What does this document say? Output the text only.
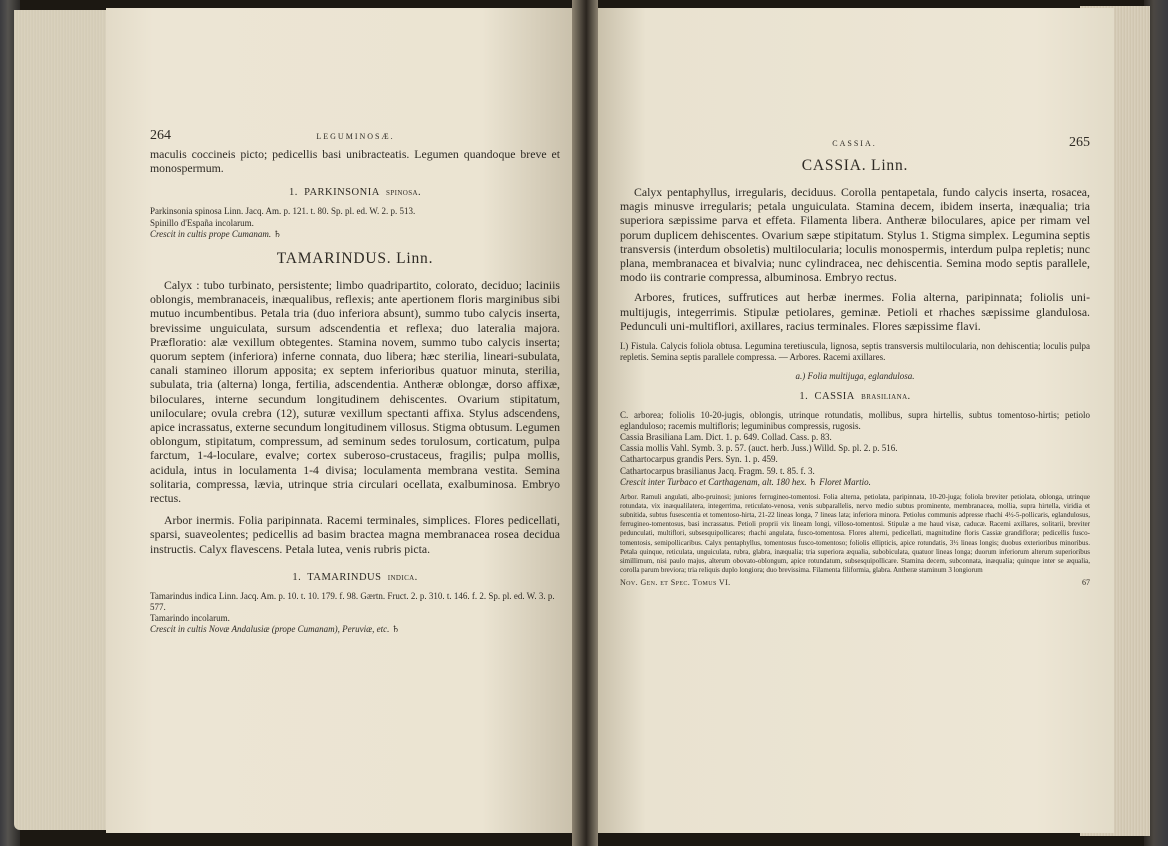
264	LEGUMINOSÆ.

maculis coccineis picto; pedicellis basi unibracteatis. Legumen quandoque breve et monospermum.

1. PARKINSONIA spinosa.

Parkinsonia spinosa Linn. Jacq. Am. p. 121. t. 80. Sp. pl. ed. W. 2. p. 513.

Spinillo d'España incolarum.

Crescit in cultis prope Cumanam. ♄

TAMARINDUS. Linn.

Calyx : tubo turbinato, persistente; limbo quadripartito, colorato, deciduo; laciniis oblongis, membranaceis, inæqualibus, reflexis; ante apertionem floris marginibus sibi mutuo incumbentibus. Petala tria (duo inferiora absunt), summo tubo calycis inserta, brevissime unguiculata, sursum adscendentia et reflexa; duo lateralia majora. Præfloratio: alæ vexillum obtegentes. Stamina novem, summo tubo calycis inserta; quorum septem (inferiora) inferne connata, duo libera; hæc sterilia, lineari-subulata, canali stamineo illorum apposita; ex septem inferioribus quatuor minuta, sterilia, subulata, tria (alterna) longa, fertilia, adscendentia. Antheræ oblongæ, dorso affixæ, biloculares, interne secundum longitudinem dehiscentes. Ovarium stipitatum, uniloculare; ovula crebra (12), suturæ vexillum spectanti affixa. Stylus adscendens, apice incrassatus, externe secundum longitudinem villosus. Stigma obtusum. Legumen oblongum, stipitatum, compressum, ad seminum sedes torulosum, corticatum, pulpa farctum, 1-4-loculare, evalve; cortex suberoso-crustaceus, fragilis; pulpa mollis, acidula, intus in loculamenta 1-4 divisa; loculamenta membrana vestita. Semina solitaria, compressa, lævia, utrinque stria circulari ocellata, exalbuminosa. Embryo rectus.

Arbor inermis. Folia paripinnata. Racemi terminales, simplices. Flores pedicellati, sparsi, suaveolentes; pedicellis ad basim bractea magna membranacea rosea decidua instructis. Calyx flavescens. Petala lutea, venis rubris picta.

1. TAMARINDUS indica.

Tamarindus indica Linn. Jacq. Am. p. 10. t. 10. 179. f. 98. Gærtn. Fruct. 2. p. 310. t. 146. f. 2. Sp. pl. ed. W. 3. p. 577.

Tamarindo incolarum.

Crescit in cultis Novæ Andalusiæ (prope Cumanam), Peruviæ, etc. ♄

CASSIA.	265
CASSIA. Linn.

Calyx pentaphyllus, irregularis, deciduus. Corolla pentapetala, fundo calycis inserta, rosacea, magis minusve irregularis; petala unguiculata. Stamina decem, ibidem inserta, inæqualia; tria superiora sæpissime parva et effeta. Filamenta libera. Antheræ biloculares, apice per rimam vel porum duplicem dehiscentes. Ovarium sæpe stipitatum. Stylus 1. Stigma simplex. Legumina septis transversis (interdum obsoletis) multilocularia; loculis monospermis, interdum pulpa repletis; nunc plana, membranacea et bivalvia; nunc cylindracea, nec dehiscentia. Semina modo septis parallele, modo iis contrarie compressa, albuminosa. Embryo rectus.

Arbores, frutices, suffrutices aut herbæ inermes. Folia alterna, paripinnata; foliolis uni-multijugis, integerrimis. Stipulæ petiolares, geminæ. Petioli et rhaches sæpissime glandulosa. Pedunculi uni-multiflori, axillares, racius terminales. Flores sæpissime flavi.

I.) Fistula. Calycis foliola obtusa. Legumina teretiuscula, lignosa, septis transversis multilocularia, non dehiscentia; loculis pulpa repletis. Semina septis parallele compressa. — Arbores. Racemi axillares.

a.) Folia multijuga, eglandulosa.

1. CASSIA brasiliana.

C. arborea; foliolis 10-20-jugis, oblongis, utrinque rotundatis, mollibus, supra hirtellis, subtus tomentoso-hirtis; petiolo eglanduloso; racemis multifloris; leguminibus compressis, rugosis.

Cassia Brasiliana Lam. Dict. 1. p. 649. Collad. Cass. p. 83.

Cassia mollis Vahl. Symb. 3. p. 57. (auct. herb. Juss.) Willd. Sp. pl. 2. p. 516.

Cathartocarpus grandis Pers. Syn. 1. p. 459.

Cathartocarpus brasilianus Jacq. Fragm. 59. t. 85. f. 3.

Crescit inter Turbaco et Carthagenam, alt. 180 hex. ♄ Floret Martio.

Arbor. Ramuli angulati, albo-pruinosi; juniores ferrugineo-tomentosi. Folia alterna, petiolata, paripinnata, 10-20-juga; foliola breviter petiolata, oblonga, utrinque rotundata, vix inæqualilatera, integerrima, reticulato-venosa, venis subparallelis, nervo medio subtus prominente, membranacea, mollia, supra hirtella, viridia et subnitida, subtus fusescentia et tomentoso-hirta, 21-22 lineas longa, 7 lineas lata; inferiora minora. Petiolus communis adpresse rhachi 4½-5-pollicaris, eglandulosus, ferrugineo-tomentosus, basi incrassatus. Petioli proprii vix lineam longi, villoso-tomentosi. Stipulæ a me haud visæ, caducæ. Racemi axillares, solitarii, breviter pedunculati, multiflori, subsesquipollicares; rhachi angulata, fusco-tomentosa. Flores alterni, pedicellati, magnitudine floris Cassiæ grandifloræ; pedicellis fusco-tomentosis, semipollicaribus. Calyx pentaphyllus, tomentosus fusco-tomentoso; foliolis ellipticis, apice rotundatis, 3½ lineas longis; duobus exterioribus minoribus. Petala quinque, reticulata, unguiculata, rubra, glabra, inæqualia; tria superiora æqualia, subobiculata, quatuor lineas longa; duorum inferiorum alterum superioribus simillimum, nisi paulo majus, alterum obovato-oblongum, apice rotundatum, subsesquipollicare. Stamina decem, subconnata, inæqualia; quinque inter se æqualia, corolla parum breviora; tria reliquis duplo longiora; duo brevissima. Filamenta filiformia, glabra. Antheræ staminum 3 longiorum

Nov. Gen. et Spec. Tomus VI.	67
